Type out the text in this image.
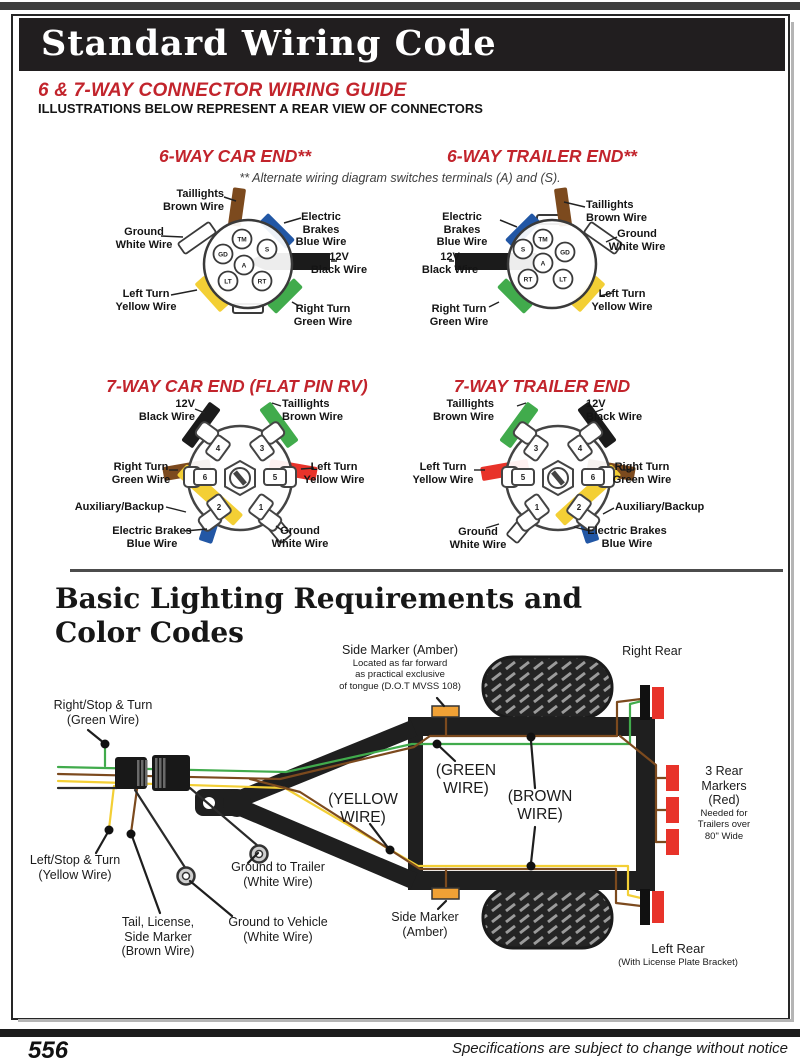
TM
S
GD
A
LT	RT
TM
S	GD
A
RT	LT
4	3
6	5
2	1
3	4
5	6
1	2
Standard Wiring Code
6 & 7-WAY CONNECTOR WIRING GUIDE
ILLUSTRATIONS BELOW REPRESENT A REAR VIEW OF CONNECTORS
** Alternate wiring diagram switches terminals (A) and (S).
6-WAY CAR END**	6-WAY TRAILER END**
7-WAY CAR END (FLAT PIN RV)	7-WAY TRAILER END
Basic Lighting Requirements and
Color Codes
Taillights
Brown Wire
Electric
Brakes
Blue Wire
12V
Black Wire
Right Turn
Green Wire
Left Turn
Yellow Wire
Ground
White Wire
Electric
Brakes
Blue Wire
Taillights
Brown Wire
Ground
White Wire
12V
Black Wire
Right Turn
Green Wire
Left Turn
Yellow Wire
12V
Black Wire
Taillights
Brown Wire
Right Turn
Green Wire
Left Turn
Yellow Wire
Auxiliary/Backup
Electric Brakes
Blue Wire
Ground
White Wire
Taillights
Brown Wire
12V
Black Wire
Left Turn
Yellow Wire
Right Turn
Green Wire
Auxiliary/Backup
Electric Brakes
Blue Wire
Ground
White Wire
Right/Stop & Turn
(Green Wire)
Left/Stop & Turn
(Yellow Wire)
Tail, License,
Side Marker
(Brown Wire)
Ground to Trailer
(White Wire)
Ground to Vehicle
(White Wire)
Side Marker (Amber)
Located as far forward
as practical exclusive
of tongue (D.O.T MVSS 108)
Right Rear
3 Rear
Markers
(Red)
Needed for
Trailers over
80" Wide
Side Marker
(Amber)
Left Rear
(With License Plate Bracket)
(GREEN
WIRE)
(YELLOW
WIRE)
(BROWN
WIRE)
556	Specifications are subject to change without notice
